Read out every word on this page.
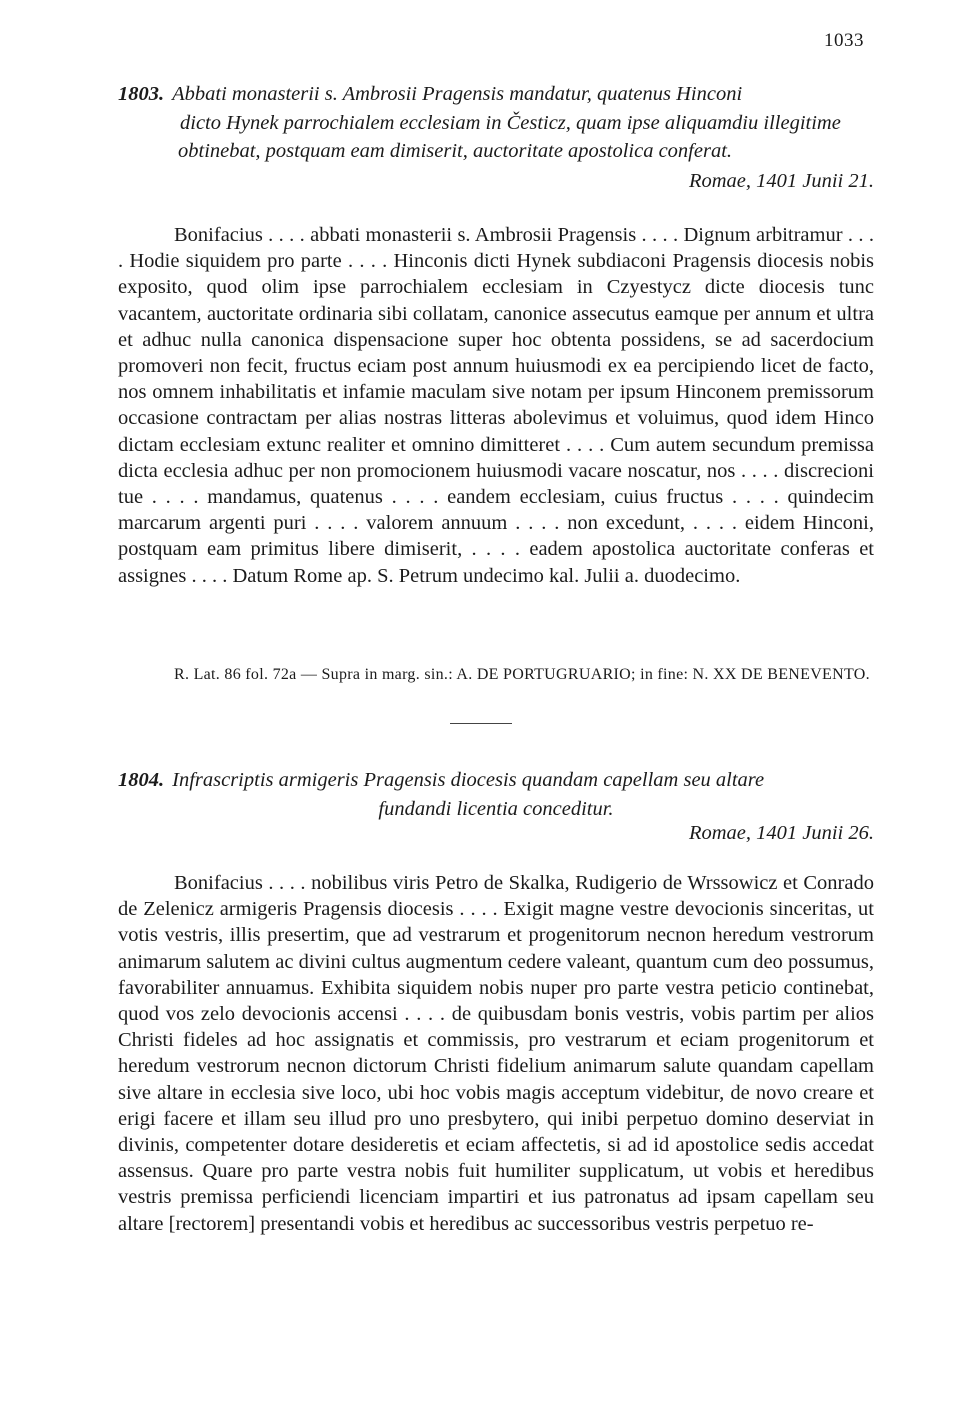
1033

1803. Abbati monasterii s. Ambrosii Pragensis mandatur, quatenus Hinconi
dicto Hynek parrochialem ecclesiam in Česticz, quam ipse aliquamdiu illegitime
obtinebat, postquam eam dimiserit, auctoritate apostolica conferat.

Romae, 1401 Junii 21.

Bonifacius . . . . abbati monasterii s. Ambrosii Pragensis . . . . Dignum arbitramur . . . . Hodie siquidem pro parte . . . . Hinconis dicti Hynek subdiaconi Pragensis diocesis nobis exposito, quod olim ipse parrochialem ecclesiam in Czyestycz dicte diocesis tunc vacantem, auctoritate ordinaria sibi collatam, canonice assecutus eamque per annum et ultra et adhuc nulla canonica dispensacione super hoc obtenta possidens, se ad sacerdocium promoveri non fecit, fructus eciam post annum huiusmodi ex ea percipiendo licet de facto, nos omnem inhabilitatis et infamie maculam sive notam per ipsum Hinconem premissorum occasione contractam per alias nostras litteras abolevimus et voluimus, quod idem Hinco dictam ecclesiam extunc realiter et omnino dimitteret . . . . Cum autem secundum premissa dicta ecclesia adhuc per non promocionem huiusmodi vacare noscatur, nos . . . . discrecioni tue . . . . mandamus, quatenus . . . . eandem ecclesiam, cuius fructus . . . . quindecim marcarum argenti puri . . . . valorem annuum . . . . non excedunt, . . . . eidem Hinconi, postquam eam primitus libere dimiserit, . . . . eadem apostolica auctoritate conferas et assignes . . . . Datum Rome ap. S. Petrum undecimo kal. Julii a. duodecimo.

R. Lat. 86 fol. 72a — Supra in marg. sin.: A. DE PORTUGRUARIO; in fine: N. XX DE BENEVENTO.

1804. Infrascriptis armigeris Pragensis diocesis quandam capellam seu altare
fundandi licentia conceditur.

Romae, 1401 Junii 26.

Bonifacius . . . . nobilibus viris Petro de Skalka, Rudigerio de Wrssowicz et Conrado de Zelenicz armigeris Pragensis diocesis . . . . Exigit magne vestre devocionis sinceritas, ut votis vestris, illis presertim, que ad vestrarum et progenitorum necnon heredum vestrorum animarum salutem ac divini cultus augmentum cedere valeant, quantum cum deo possumus, favorabiliter annuamus. Exhibita siquidem nobis nuper pro parte vestra peticio continebat, quod vos zelo devocionis accensi . . . . de quibusdam bonis vestris, vobis partim per alios Christi fideles ad hoc assignatis et commissis, pro vestrarum et eciam progenitorum et heredum vestrorum necnon dictorum Christi fidelium animarum salute quandam capellam sive altare in ecclesia sive loco, ubi hoc vobis magis acceptum videbitur, de novo creare et erigi facere et illam seu illud pro uno presbytero, qui inibi perpetuo domino deserviat in divinis, competenter dotare desideretis et eciam affectetis, si ad id apostolice sedis accedat assensus. Quare pro parte vestra nobis fuit humiliter supplicatum, ut vobis et heredibus vestris premissa perficiendi licenciam impartiri et ius patronatus ad ipsam capellam seu altare [rectorem] presentandi vobis et heredibus ac successoribus vestris perpetuo re-
